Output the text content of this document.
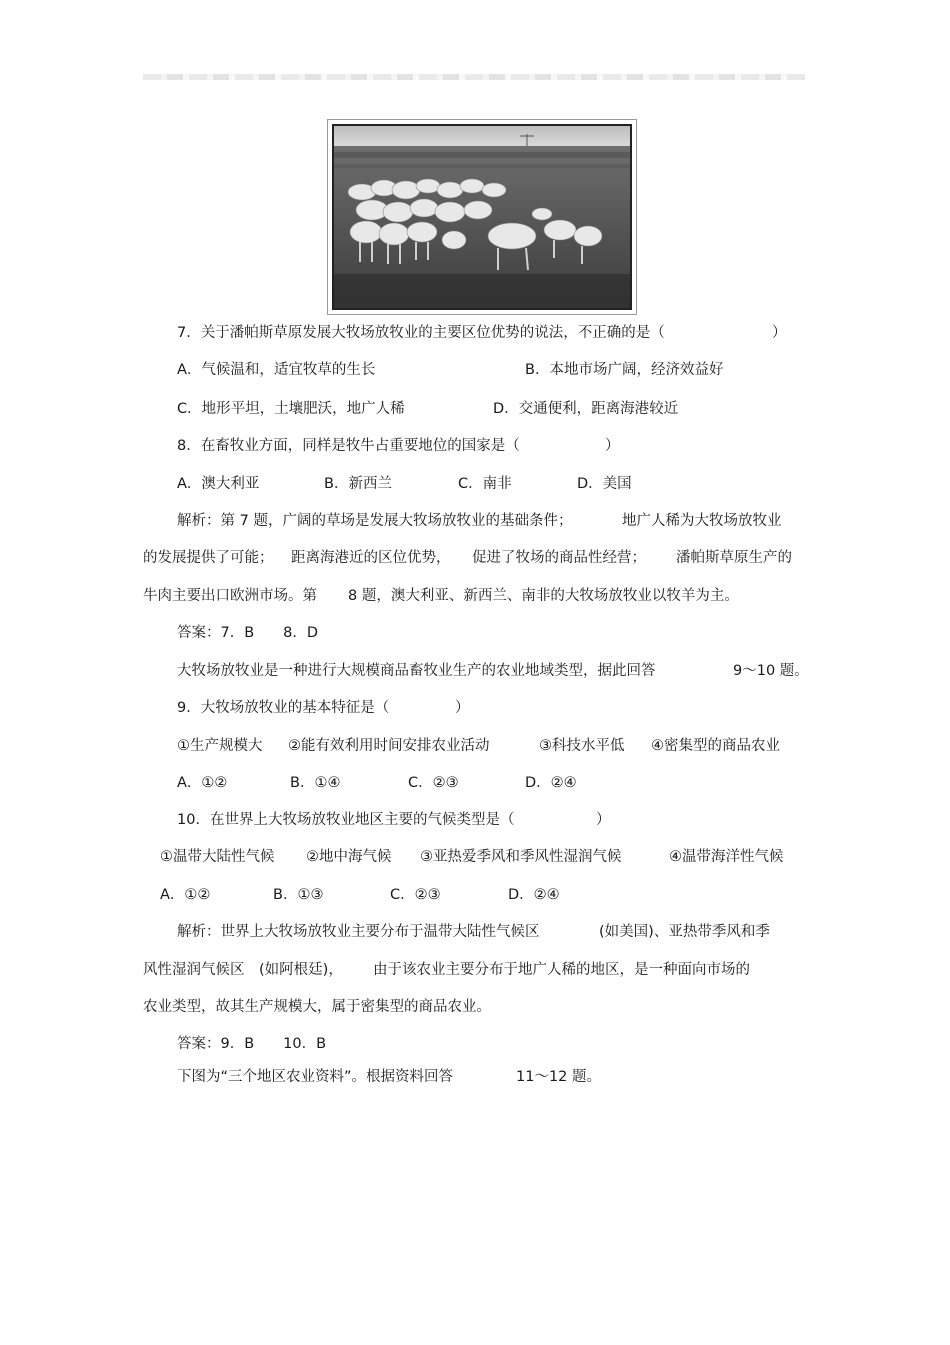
7．关于潘帕斯草原发展大牧场放牧业的主要区位优势的说法，不正确的是（	）
A．气候温和，适宜牧草的生长	B．本地市场广阔，经济效益好
C．地形平坦，土壤肥沃，地广人稀	D．交通便利，距离海港较近
8．在畜牧业方面，同样是牧牛占重要地位的国家是（	）
A．澳大利亚	B．新西兰	C．南非	D．美国
解析：第 7 题，广阔的草场是发展大牧场放牧业的基础条件；	地广人稀为大牧场放牧业
的发展提供了可能； 距离海港近的区位优势， 促进了牧场的商品性经营； 潘帕斯草原生产的
牛肉主要出口欧洲市场。第 8 题，澳大利亚、新西兰、南非的大牧场放牧业以牧羊为主。
答案：7．B　　8．D
大牧场放牧业是一种进行大规模商品畜牧业生产的农业地域类型，据此回答	9～10 题。
9．大牧场放牧业的基本特征是（	）
①生产规模大 ②能有效利用时间安排农业活动	③科技水平低 ④密集型的商品农业
A．①②	B．①④	C．②③	D．②④
10．在世界上大牧场放牧业地区主要的气候类型是（	）
①温带大陆性气候 ②地中海气候 ③亚热爱季风和季风性湿润气候	④温带海洋性气候
A．①②	B．①③	C．②③	D．②④
解析：世界上大牧场放牧业主要分布于温带大陆性气候区	(如美国)、亚热带季风和季
风性湿润气候区 (如阿根廷)， 由于该农业主要分布于地广人稀的地区，是一种面向市场的
农业类型，故其生产规模大，属于密集型的商品农业。
答案：9．B　　10．B
下图为“三个地区农业资料”。根据资料回答	11～12 题。
